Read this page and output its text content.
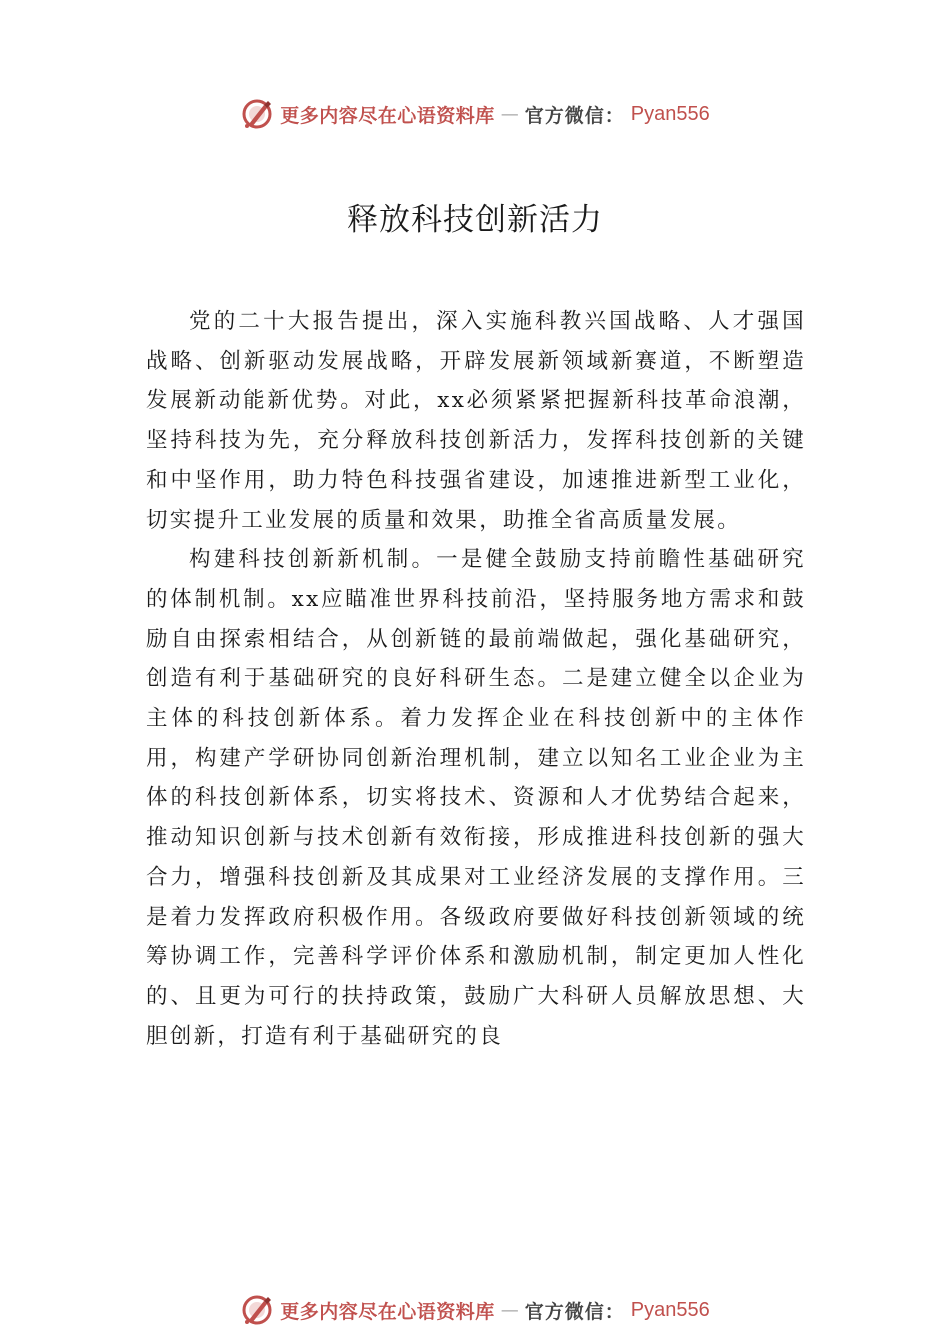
更多内容尽在心语资料库 — 官方微信： Pyan556
释放科技创新活力

党的二十大报告提出，深入实施科教兴国战略、人才强国战略、创新驱动发展战略，开辟发展新领域新赛道，不断塑造发展新动能新优势。对此，xx必须紧紧把握新科技革命浪潮，坚持科技为先，充分释放科技创新活力，发挥科技创新的关键和中坚作用，助力特色科技强省建设，加速推进新型工业化，切实提升工业发展的质量和效果，助推全省高质量发展。

构建科技创新新机制。一是健全鼓励支持前瞻性基础研究的体制机制。xx应瞄准世界科技前沿，坚持服务地方需求和鼓励自由探索相结合，从创新链的最前端做起，强化基础研究，创造有利于基础研究的良好科研生态。二是建立健全以企业为主体的科技创新体系。着力发挥企业在科技创新中的主体作用，构建产学研协同创新治理机制，建立以知名工业企业为主体的科技创新体系，切实将技术、资源和人才优势结合起来，推动知识创新与技术创新有效衔接，形成推进科技创新的强大合力，增强科技创新及其成果对工业经济发展的支撑作用。三是着力发挥政府积极作用。各级政府要做好科技创新领域的统筹协调工作，完善科学评价体系和激励机制，制定更加人性化的、且更为可行的扶持政策，鼓励广大科研人员解放思想、大胆创新，打造有利于基础研究的良

更多内容尽在心语资料库 — 官方微信： Pyan556
